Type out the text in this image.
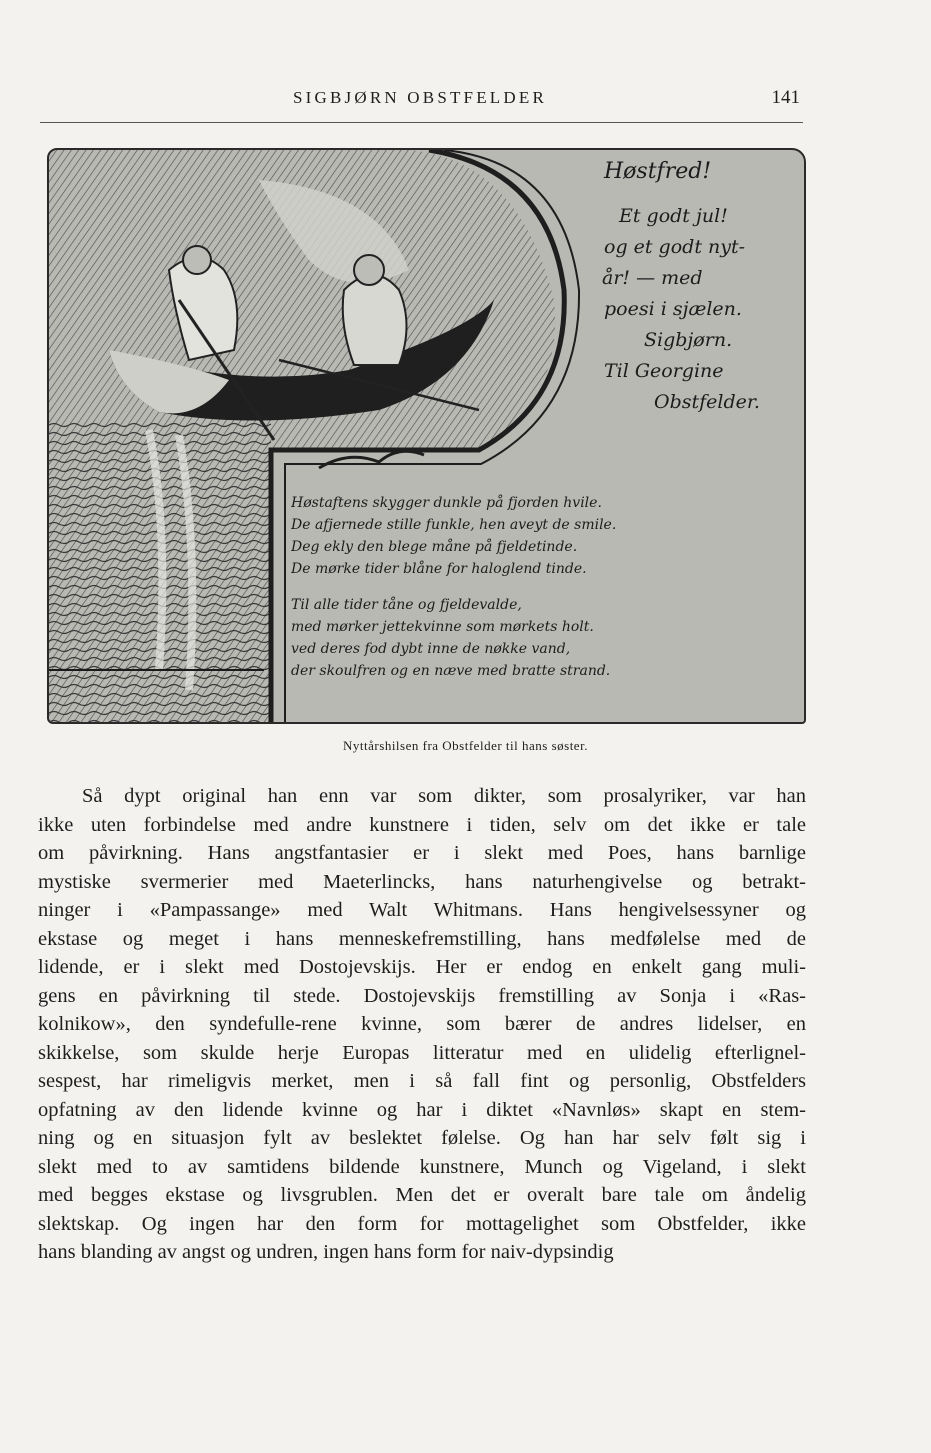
SIGBJØRN OBSTFELDER	141
Høstfred!
Et godt jul!
og et godt nyt-
år! — med
poesi i sjælen.
Sigbjørn.
Til Georgine
Obstfelder.
Høstaftens skygger dunkle på fjorden hvile.
De afjernede stille funkle, hen aveyt de smile.
Deg ekly den blege måne på fjeldetinde.
De mørke tider blåne for haloglend tinde.
Til alle tider tåne og fjeldevalde,
med mørker jettekvinne som mørkets holt.
ved deres fod dybt inne de nøkke vand,
der skoulfren og en næve med bratte strand.
Nyttårshilsen fra Obstfelder til hans søster.

Så dypt original han enn var som dikter, som prosalyriker, var han
ikke uten forbindelse med andre kunstnere i tiden, selv om det ikke er tale
om påvirkning. Hans angstfantasier er i slekt med Poes, hans barnlige
mystiske svermerier med Maeterlincks, hans naturhengivelse og betrakt-
ninger i «Pampassange» med Walt Whitmans. Hans hengivelsessyner og
ekstase og meget i hans menneskefremstilling, hans medfølelse med de
lidende, er i slekt med Dostojevskijs. Her er endog en enkelt gang muli-
gens en påvirkning til stede. Dostojevskijs fremstilling av Sonja i «Ras-
kolnikow», den syndefulle-rene kvinne, som bærer de andres lidelser, en
skikkelse, som skulde herje Europas litteratur med en ulidelig efterlignel-
sespest, har rimeligvis merket, men i så fall fint og personlig, Obstfelders
opfatning av den lidende kvinne og har i diktet «Navnløs» skapt en stem-
ning og en situasjon fylt av beslektet følelse. Og han har selv følt sig i
slekt med to av samtidens bildende kunstnere, Munch og Vigeland, i slekt
med begges ekstase og livsgrublen. Men det er overalt bare tale om åndelig
slektskap. Og ingen har den form for mottagelighet som Obstfelder, ikke
hans blanding av angst og undren, ingen hans form for naiv-dypsindig
